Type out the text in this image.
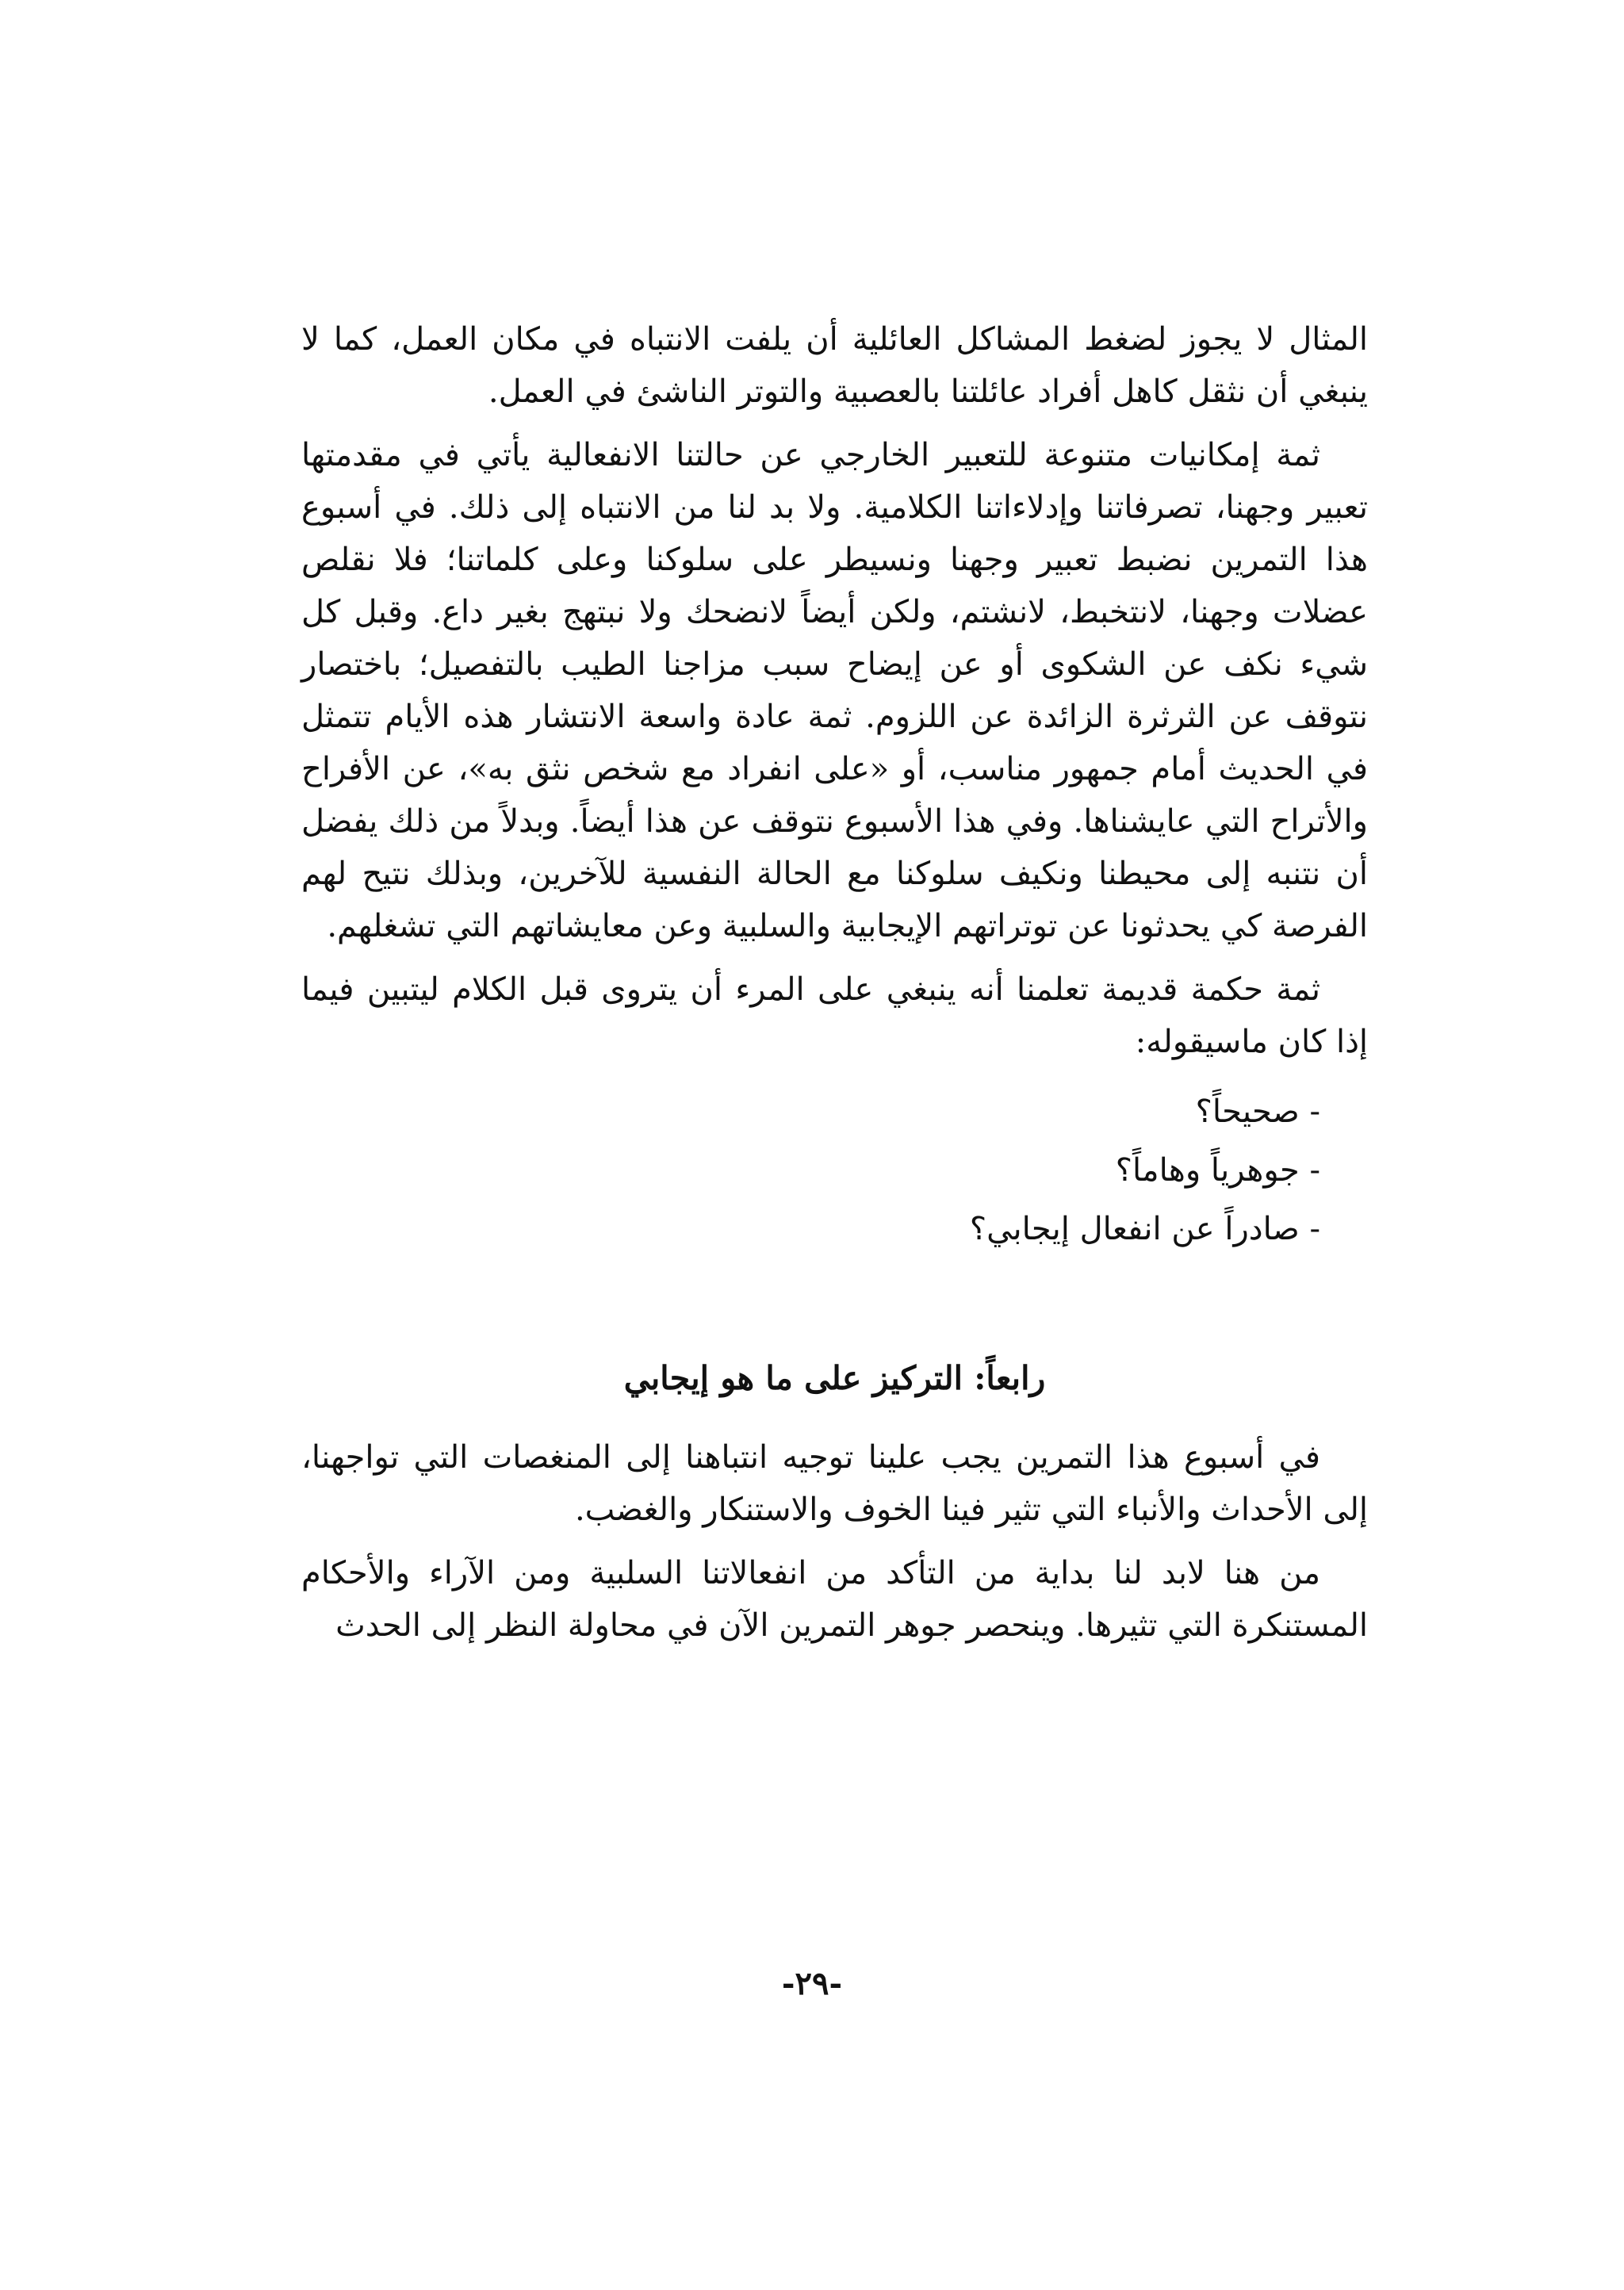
المثال لا يجوز لضغط المشاكل العائلية أن يلفت الانتباه في مكان العمل، كما لا ينبغي أن نثقل كاهل أفراد عائلتنا بالعصبية والتوتر الناشئ في العمل.

ثمة إمكانيات متنوعة للتعبير الخارجي عن حالتنا الانفعالية يأتي في مقدمتها تعبير وجهنا، تصرفاتنا وإدلاءاتنا الكلامية. ولا بد لنا من الانتباه إلى ذلك. في أسبوع هذا التمرين نضبط تعبير وجهنا ونسيطر على سلوكنا وعلى كلماتنا؛ فلا نقلص عضلات وجهنا، لانتخبط، لانشتم، ولكن أيضاً لانضحك ولا نبتهج بغير داع. وقبل كل شيء نكف عن الشكوى أو عن إيضاح سبب مزاجنا الطيب بالتفصيل؛ باختصار نتوقف عن الثرثرة الزائدة عن اللزوم. ثمة عادة واسعة الانتشار هذه الأيام تتمثل في الحديث أمام جمهور مناسب، أو «على انفراد مع شخص نثق به»، عن الأفراح والأتراح التي عايشناها. وفي هذا الأسبوع نتوقف عن هذا أيضاً. وبدلاً من ذلك يفضل أن نتنبه إلى محيطنا ونكيف سلوكنا مع الحالة النفسية للآخرين، وبذلك نتيح لهم الفرصة كي يحدثونا عن توتراتهم الإيجابية والسلبية وعن معايشاتهم التي تشغلهم.

ثمة حكمة قديمة تعلمنا أنه ينبغي على المرء أن يتروى قبل الكلام ليتبين فيما إذا كان ماسيقوله:

- صحيحاً؟
- جوهرياً وهاماً؟
- صادراً عن انفعال إيجابي؟
رابعاً: التركيز على ما هو إيجابي

في أسبوع هذا التمرين يجب علينا توجيه انتباهنا إلى المنغصات التي تواجهنا، إلى الأحداث والأنباء التي تثير فينا الخوف والاستنكار والغضب.

من هنا لابد لنا بداية من التأكد من انفعالاتنا السلبية ومن الآراء والأحكام المستنكرة التي تثيرها. وينحصر جوهر التمرين الآن في محاولة النظر إلى الحدث

-٢٩-
